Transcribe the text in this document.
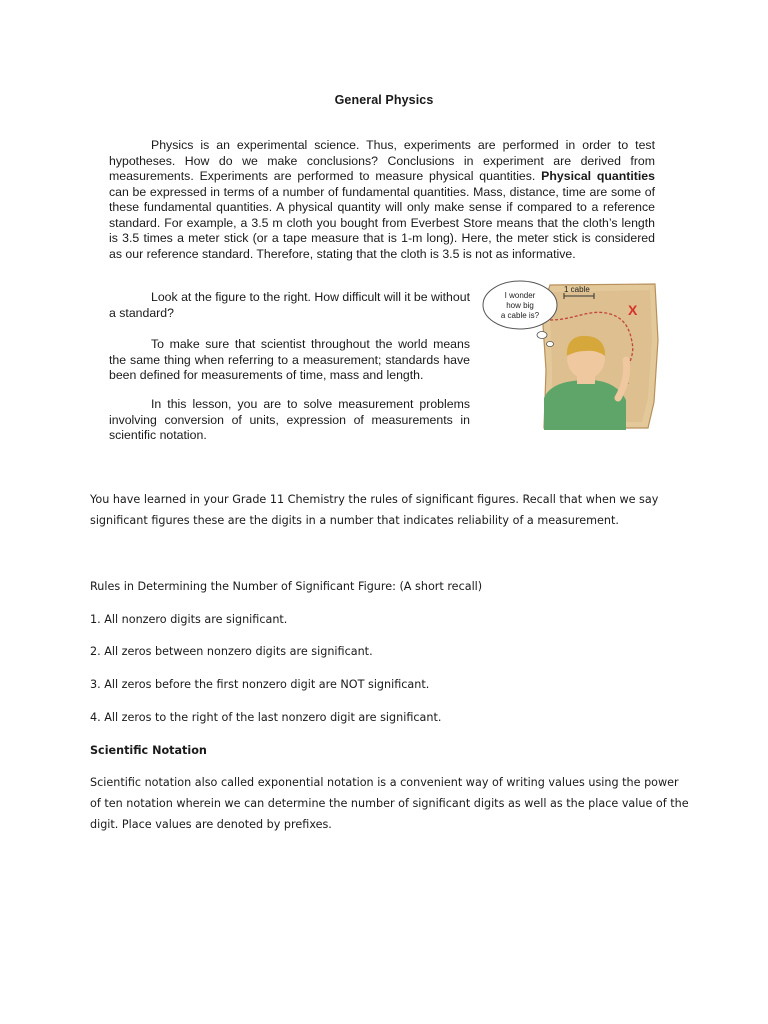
General Physics
Physics is an experimental science. Thus, experiments are performed in order to test hypotheses. How do we make conclusions? Conclusions in experiment are derived from measurements. Experiments are performed to measure physical quantities. Physical quantities can be expressed in terms of a number of fundamental quantities. Mass, distance, time are some of these fundamental quantities. A physical quantity will only make sense if compared to a reference standard. For example, a 3.5 m cloth you bought from Everbest Store means that the cloth’s length is 3.5 times a meter stick (or a tape measure that is 1-m long). Here, the meter stick is considered as our reference standard. Therefore, stating that the cloth is 3.5 is not as informative.
Look at the figure to the right. How difficult will it be without a standard?
To make sure that scientist throughout the world means the same thing when referring to a measurement; standards have been defined for measurements of time, mass and length.
In this lesson, you are to solve measurement problems involving conversion of units, expression of measurements in scientific notation.
1 cable
X
I wonder
how big
a cable is?
You have learned in your Grade 11 Chemistry the rules of significant figures. Recall that when we say significant figures these are the digits in a number that indicates reliability of a measurement.
Rules in Determining the Number of Significant Figure: (A short recall)
1. All nonzero digits are significant.
2. All zeros between nonzero digits are significant.
3. All zeros before the first nonzero digit are NOT significant.
4. All zeros to the right of the last nonzero digit are significant.
Scientific Notation
Scientific notation also called exponential notation is a convenient way of writing values using the power of ten notation wherein we can determine the number of significant digits as well as the place value of the digit. Place values are denoted by prefixes.
